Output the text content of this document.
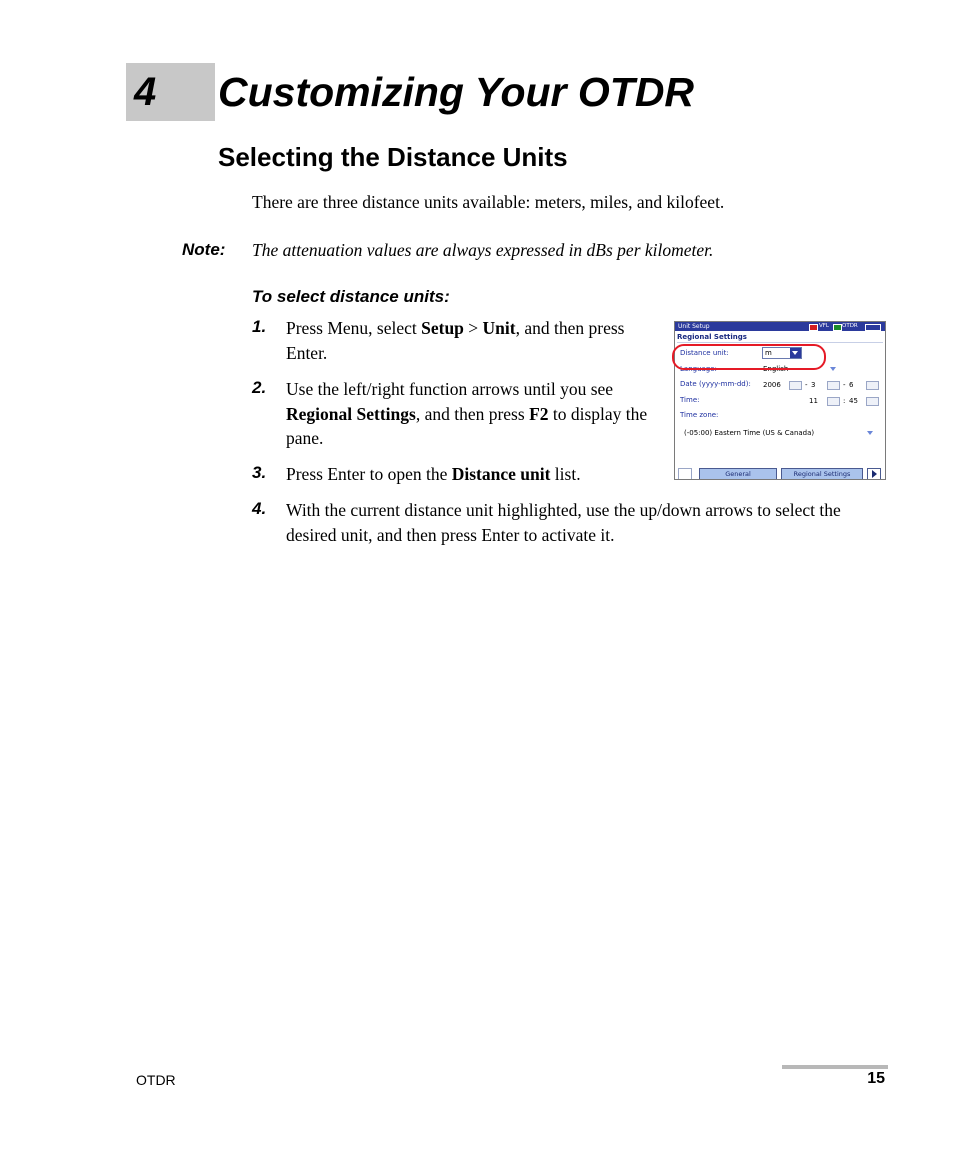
4 Customizing Your OTDR
Selecting the Distance Units
There are three distance units available: meters, miles, and kilofeet.
Note: The attenuation values are always expressed in dBs per kilometer.
To select distance units:
1.	Press Menu, select Setup > Unit, and then press Enter.
2.	Use the left/right function arrows until you see Regional Settings, and then press F2 to display the pane.
3.	Press Enter to open the Distance unit list.
4.	With the current distance unit highlighted, use the up/down arrows to select the desired unit, and then press Enter to activate it.
Unit Setup	VFL OTDR
Regional Settings
Distance unit:	m
Language:	English
Date (yyyy-mm-dd): 2006	- 3	- 6
Time:	11	: 45
Time zone:
(-05:00) Eastern Time (US & Canada)
General	Regional Settings
OTDR	15
